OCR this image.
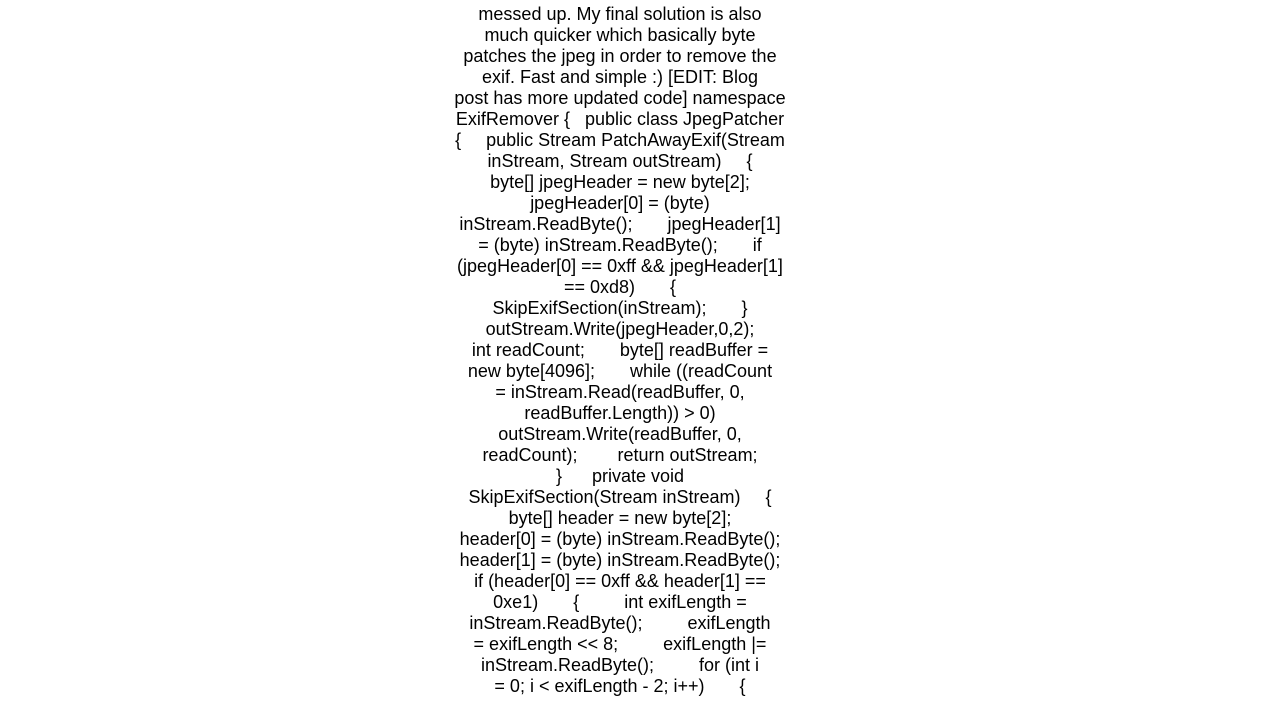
messed up. My final solution is also
much quicker which basically byte
patches the jpeg in order to remove the
exif. Fast and simple :) [EDIT: Blog
post has more updated code] namespace
ExifRemover {   public class JpegPatcher
{     public Stream PatchAwayExif(Stream
inStream, Stream outStream)     {
byte[] jpegHeader = new byte[2];
jpegHeader[0] = (byte)
inStream.ReadByte();       jpegHeader[1]
= (byte) inStream.ReadByte();       if
(jpegHeader[0] == 0xff && jpegHeader[1]
== 0xd8)       {
SkipExifSection(inStream);       }
outStream.Write(jpegHeader,0,2);
int readCount;       byte[] readBuffer =
new byte[4096];       while ((readCount
= inStream.Read(readBuffer, 0,
readBuffer.Length)) > 0)
outStream.Write(readBuffer, 0,
readCount);        return outStream;
}      private void
SkipExifSection(Stream inStream)     {
byte[] header = new byte[2];
header[0] = (byte) inStream.ReadByte();
header[1] = (byte) inStream.ReadByte();
if (header[0] == 0xff && header[1] ==
0xe1)       {         int exifLength =
inStream.ReadByte();         exifLength
= exifLength << 8;         exifLength |=
inStream.ReadByte();         for (int i
= 0; i < exifLength - 2; i++)       {
